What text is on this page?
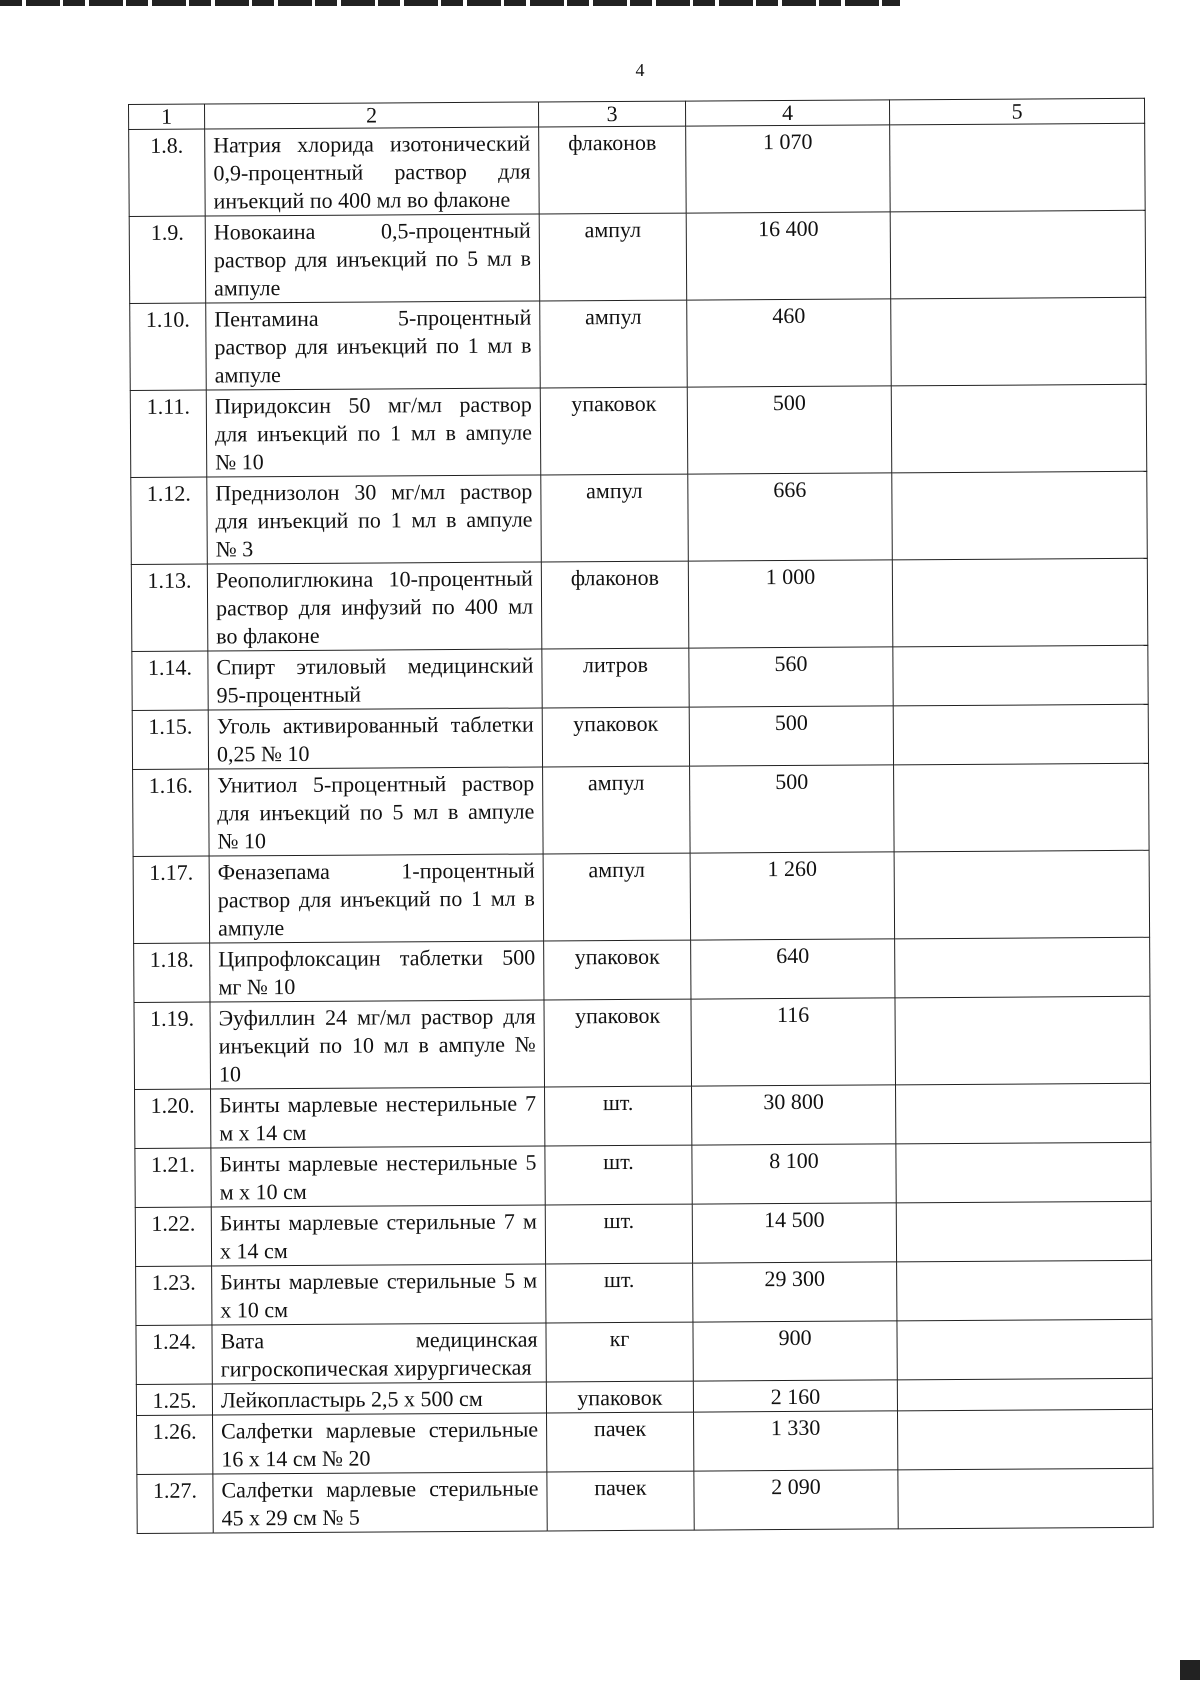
4
1	2	3	4	5
1.8.	Натрия хлорида изотонический 0,9-процентный раствор для инъекций по 400 мл во флаконе	флаконов	1 070	
1.9.	Новокаина 0,5-процентный раствор для инъекций по 5 мл в ампуле	ампул	16 400	
1.10.	Пентамина 5-процентный раствор для инъекций по 1 мл в ампуле	ампул	460	
1.11.	Пиридоксин 50 мг/мл раствор для инъекций по 1 мл в ампуле № 10	упаковок	500	
1.12.	Преднизолон 30 мг/мл раствор для инъекций по 1 мл в ампуле № 3	ампул	666	
1.13.	Реополиглюкина 10-процентный раствор для инфузий по 400 мл во флаконе	флаконов	1 000	
1.14.	Спирт этиловый медицинский 95-процентный	литров	560	
1.15.	Уголь активированный таблетки 0,25 № 10	упаковок	500	
1.16.	Унитиол 5-процентный раствор для инъекций по 5 мл в ампуле № 10	ампул	500	
1.17.	Феназепама 1-процентный раствор для инъекций по 1 мл в ампуле	ампул	1 260	
1.18.	Ципрофлоксацин таблетки 500 мг № 10	упаковок	640	
1.19.	Эуфиллин 24 мг/мл раствор для инъекций по 10 мл в ампуле № 10	упаковок	116	
1.20.	Бинты марлевые нестерильные 7 м х 14 см	шт.	30 800	
1.21.	Бинты марлевые нестерильные 5 м х 10 см	шт.	8 100	
1.22.	Бинты марлевые стерильные 7 м х 14 см	шт.	14 500	
1.23.	Бинты марлевые стерильные 5 м х 10 см	шт.	29 300	
1.24.	Вата медицинская гигроскопическая хирургическая	кг	900	
1.25.	Лейкопластырь 2,5 х 500 см	упаковок	2 160	
1.26.	Салфетки марлевые стерильные 16 х 14 см № 20	пачек	1 330	
1.27.	Салфетки марлевые стерильные 45 х 29 см № 5	пачек	2 090	
